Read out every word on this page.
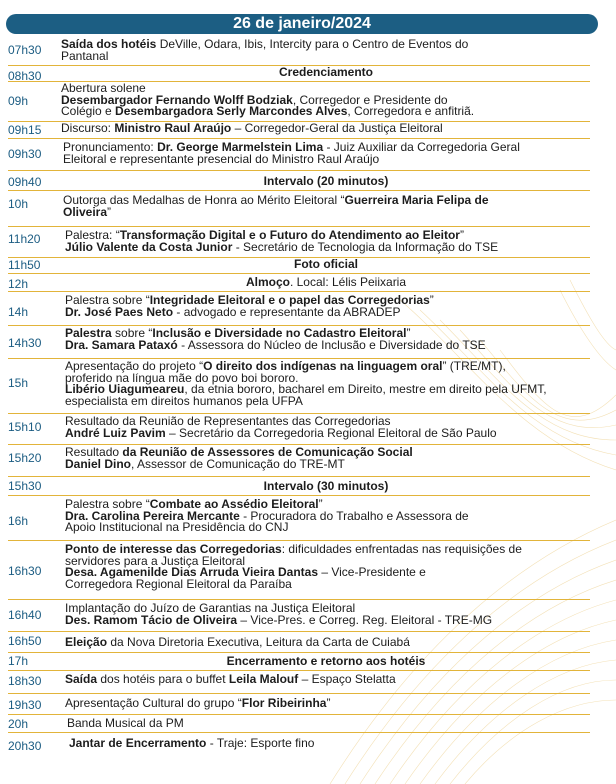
26 de janeiro/2024
07h30 Saída dos hotéis DeVille, Odara, Ibis, Intercity para o Centro de Eventos do
Pantanal
08h30	Credenciamento
09h
Abertura solene
Desembargador Fernando Wolff Bodziak, Corregedor e Presidente do
Colégio e Desembargadora Serly Marcondes Alves, Corregedora e anfitriã.
09h15 Discurso: Ministro Raul Araújo – Corregedor-Geral da Justiça Eleitoral
09h30 Pronunciamento: Dr. George Marmelstein Lima - Juiz Auxiliar da Corregedoria Geral
Eleitoral e representante presencial do Ministro Raul Araújo
09h40	Intervalo (20 minutos)
10h	Outorga das Medalhas de Honra ao Mérito Eleitoral “Guerreira Maria Felipa de
Oliveira”
11h20 Palestra: “Transformação Digital e o Futuro do Atendimento ao Eleitor”
Júlio Valente da Costa Junior - Secretário de Tecnologia da Informação do TSE
11h50	Foto oficial
12h	Almoço. Local: Lélis Peiixaria
14h
Palestra sobre “Integridade Eleitoral e o papel das Corregedorias”
Dr. José Paes Neto - advogado e representante da ABRADEP
14h30
Palestra sobre “Inclusão e Diversidade no Cadastro Eleitoral”
Dra. Samara Pataxó - Assessora do Núcleo de Inclusão e Diversidade do TSE
15h
Apresentação do projeto “O direito dos indígenas na linguagem oral” (TRE/MT),
proferido na língua mãe do povo boi bororo.
Libério Uiagumeareu, da etnia bororo, bacharel em Direito, mestre em direito pela UFMT,
especialista em direitos humanos pela UFPA
15h10 Resultado da Reunião de Representantes das Corregedorias
André Luiz Pavim – Secretário da Corregedoria Regional Eleitoral de São Paulo
15h20 Resultado da Reunião de Assessores de Comunicação Social
Daniel Dino, Assessor de Comunicação do TRE-MT
15h30	Intervalo (30 minutos)
16h
Palestra sobre “Combate ao Assédio Eleitoral”
Dra. Carolina Pereira Mercante - Procuradora do Trabalho e Assessora de
Apoio Institucional na Presidência do CNJ
16h30
Ponto de interesse das Corregedorias: dificuldades enfrentadas nas requisições de
servidores para a Justiça Eleitoral
Desa. Agamenilde Dias Arruda Vieira Dantas – Vice-Presidente e
Corregedora Regional Eleitoral da Paraíba
16h40 Implantação do Juízo de Garantias na Justiça Eleitoral
Des. Ramom Tácio de Oliveira – Vice-Pres. e Correg. Reg. Eleitoral - TRE-MG
16h50 Eleição da Nova Diretoria Executiva, Leitura da Carta de Cuiabá
17h	Encerramento e retorno aos hotéis
18h30 Saída dos hotéis para o buffet Leila Malouf – Espaço Stelatta
19h30 Apresentação Cultural do grupo “Flor Ribeirinha”
20h	Banda Musical da PM
20h30 Jantar de Encerramento - Traje: Esporte fino
